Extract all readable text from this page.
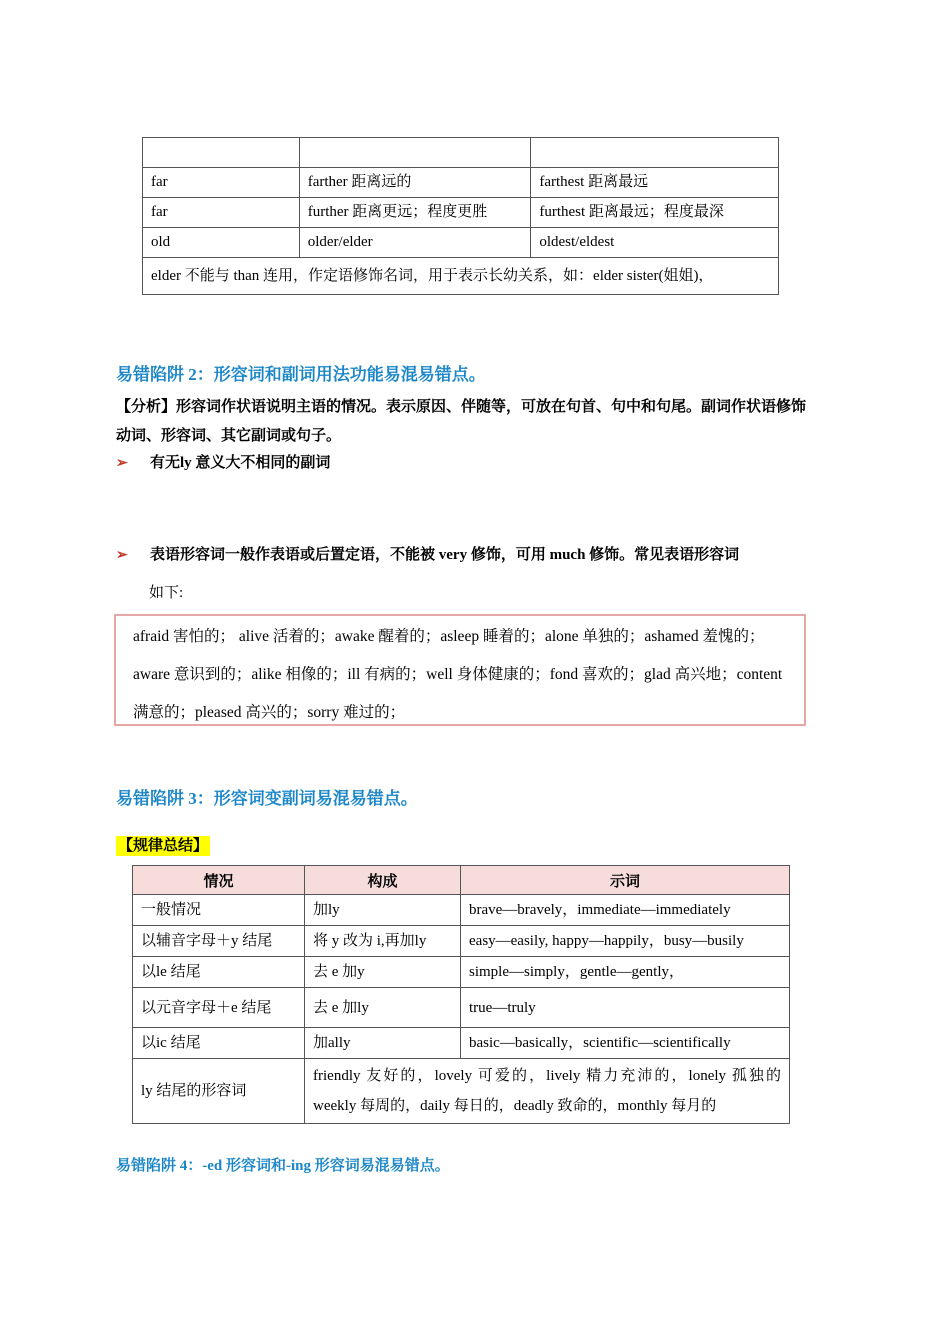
far	farther 距离远的	farthest 距离最远
far	further 距离更远；程度更胜	furthest 距离最远；程度最深
old	older/elder	oldest/eldest
elder 不能与 than 连用，作定语修饰名词，用于表示长幼关系，如：elder sister(姐姐)，		
易错陷阱 2：形容词和副词用法功能易混易错点。
【分析】形容词作状语说明主语的情况。表示原因、伴随等，可放在句首、句中和句尾。副词作状语修饰动词、形容词、其它副词或句子。
➢ 有无ly 意义大不相同的副词
➢ 表语形容词一般作表语或后置定语，不能被 very 修饰，可用 much 修饰。常见表语形容词
如下:
afraid 害怕的； alive 活着的；awake 醒着的；asleep 睡着的；alone 单独的；ashamed 羞愧的； aware 意识到的；alike 相像的；ill 有病的；well 身体健康的；fond 喜欢的；glad 高兴地；content 满意的；pleased 高兴的；sorry 难过的；
易错陷阱 3：形容词变副词易混易错点。
【规律总结】
情况	构成	示词
一般情况	加ly	brave—bravely，immediate—immediately
以辅音字母＋y 结尾	将 y 改为 i,再加ly	easy—easily, happy—happily，busy—busily
以le 结尾	去 e 加y	simple—simply，gentle—gently，
以元音字母＋e 结尾	去 e 加ly	true—truly
以ic 结尾	加ally	basic—basically，scientific—scientifically
ly 结尾的形容词	friendly 友好的，lovely 可爱的，lively 精力充沛的，lonely 孤独的 weekly 每周的，daily 每日的，deadly 致命的，monthly 每月的	
易错陷阱 4：-ed 形容词和-ing 形容词易混易错点。
